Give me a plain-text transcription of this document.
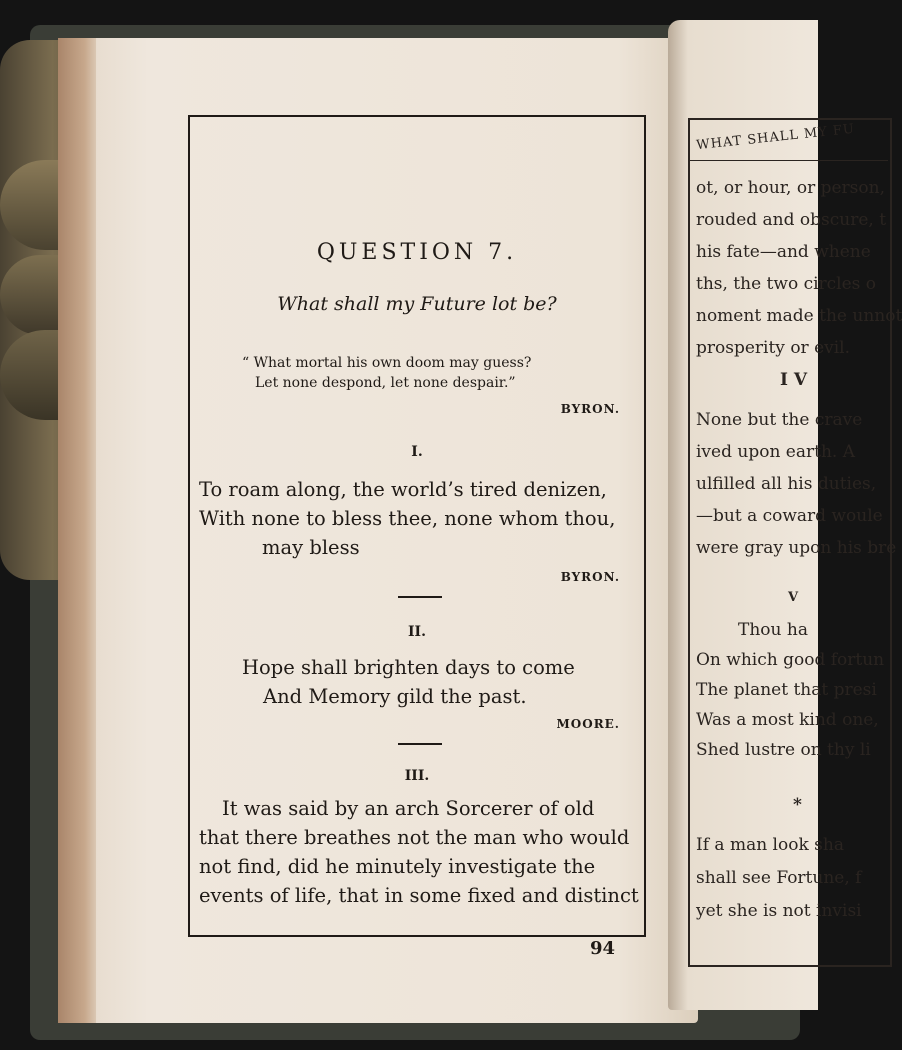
WHAT SHALL MY FU
ot, or hour, or person,
rouded and obscure, t
his fate—and whene
ths, the two circles o
noment made the unnot
prosperity or evil.
I V
None but the crave
ived upon earth. A
ulfilled all his duties,
—but a coward woule
were gray upon his bre
V
Thou ha
On which good fortun
The planet that presi
Was a most kind one,
Shed lustre on thy li
*
If a man look sha
shall see Fortune, f
yet she is not invisi
QUESTION 7.
What shall my Future lot be?
“ What mortal his own doom may guess?
Let none despond, let none despair.”
BYRON.
I.
To roam along, the world’s tired denizen,
With none to bless thee, none whom thou,
may bless
BYRON.
II.
Hope shall brighten days to come
And Memory gild the past.
MOORE.
III.
It was said by an arch Sorcerer of old
that there breathes not the man who would
not find, did he minutely investigate the
events of life, that in some fixed and distinct
94
